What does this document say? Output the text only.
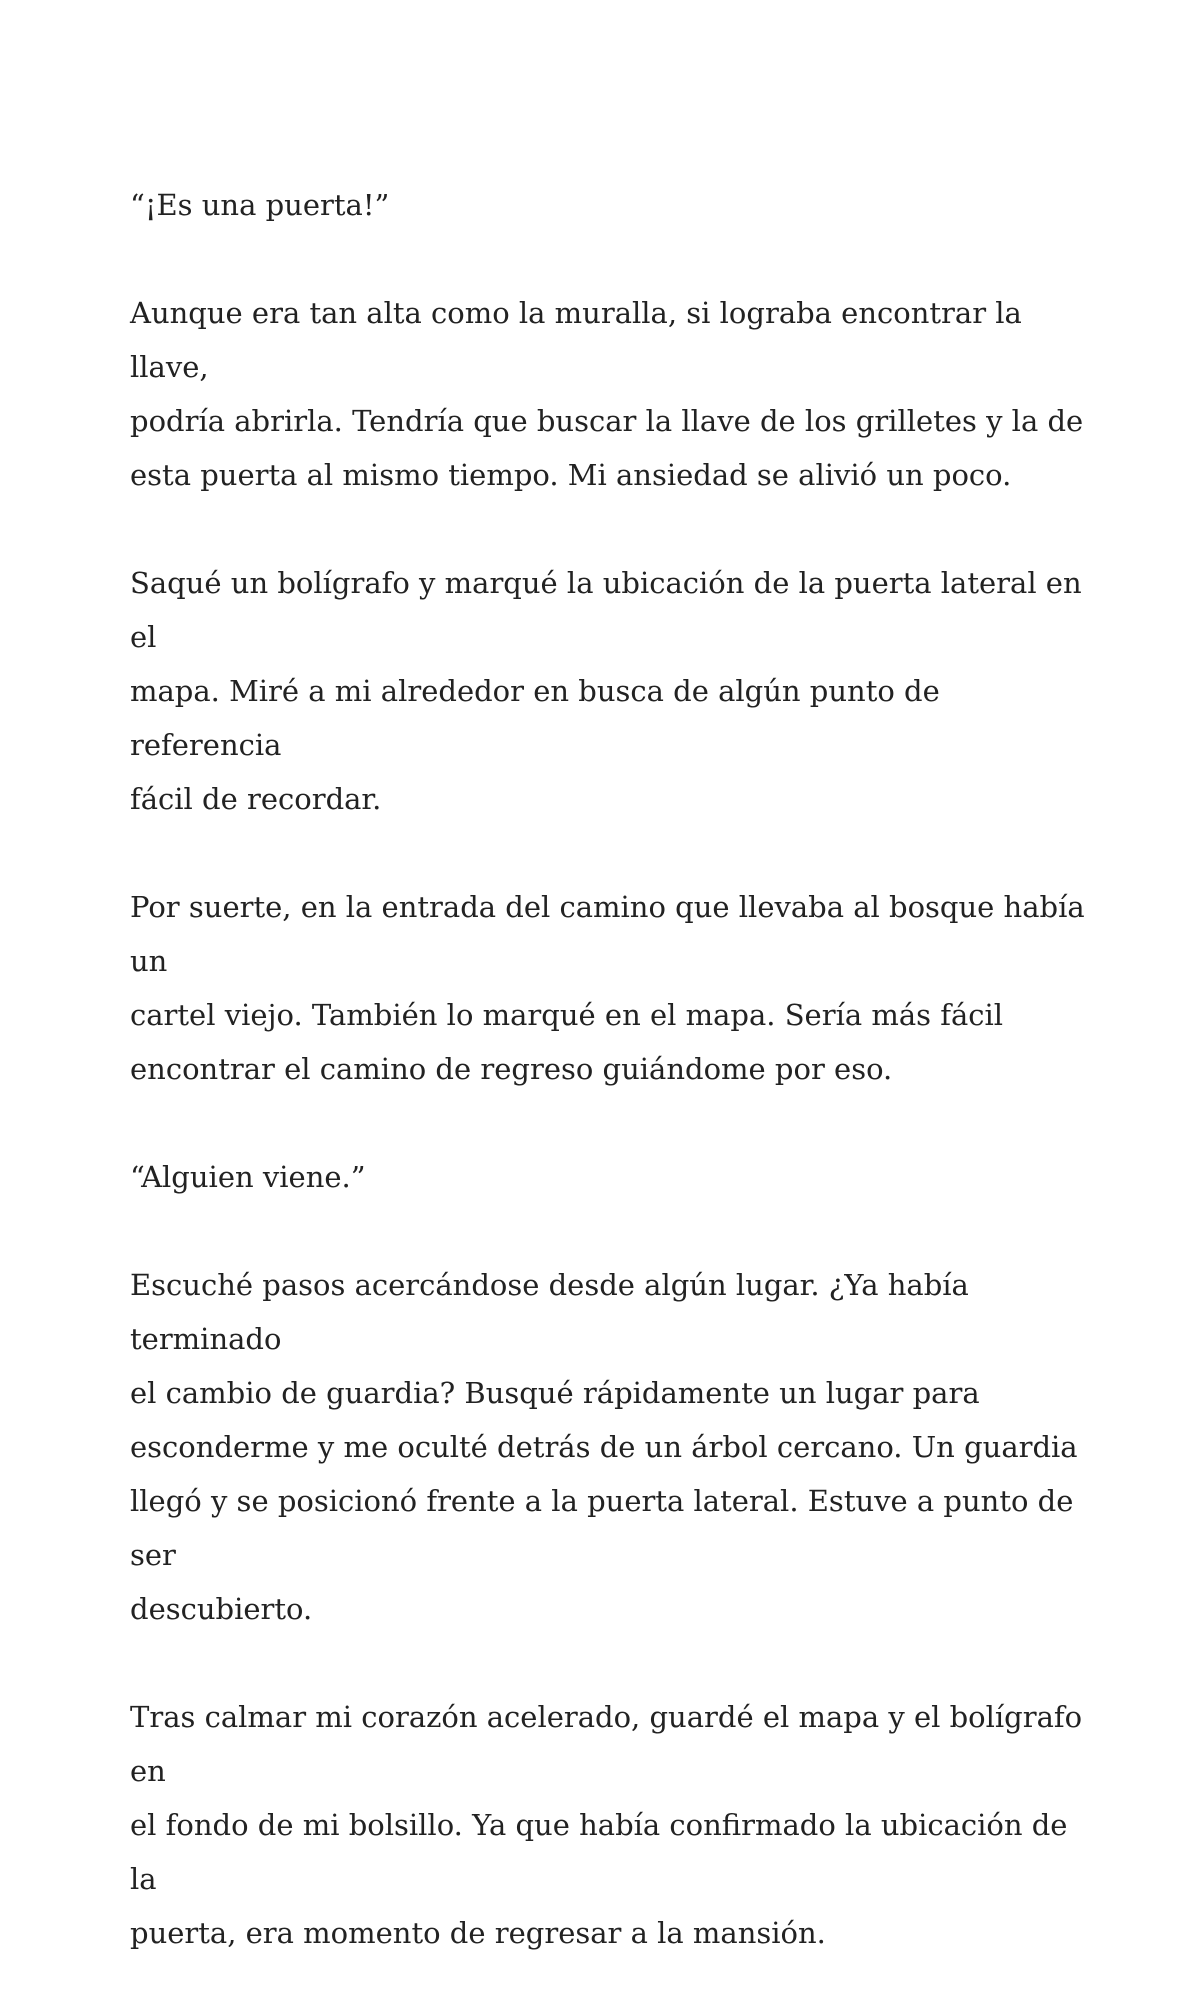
“¡Es una puerta!”

Aunque era tan alta como la muralla, si lograba encontrar la llave,
podría abrirla. Tendría que buscar la llave de los grilletes y la de
esta puerta al mismo tiempo. Mi ansiedad se alivió un poco.

Saqué un bolígrafo y marqué la ubicación de la puerta lateral en el
mapa. Miré a mi alrededor en busca de algún punto de referencia
fácil de recordar.

Por suerte, en la entrada del camino que llevaba al bosque había un
cartel viejo. También lo marqué en el mapa. Sería más fácil
encontrar el camino de regreso guiándome por eso.

“Alguien viene.”

Escuché pasos acercándose desde algún lugar. ¿Ya había terminado
el cambio de guardia? Busqué rápidamente un lugar para
esconderme y me oculté detrás de un árbol cercano. Un guardia
llegó y se posicionó frente a la puerta lateral. Estuve a punto de ser
descubierto.

Tras calmar mi corazón acelerado, guardé el mapa y el bolígrafo en
el fondo de mi bolsillo. Ya que había confirmado la ubicación de la
puerta, era momento de regresar a la mansión.
